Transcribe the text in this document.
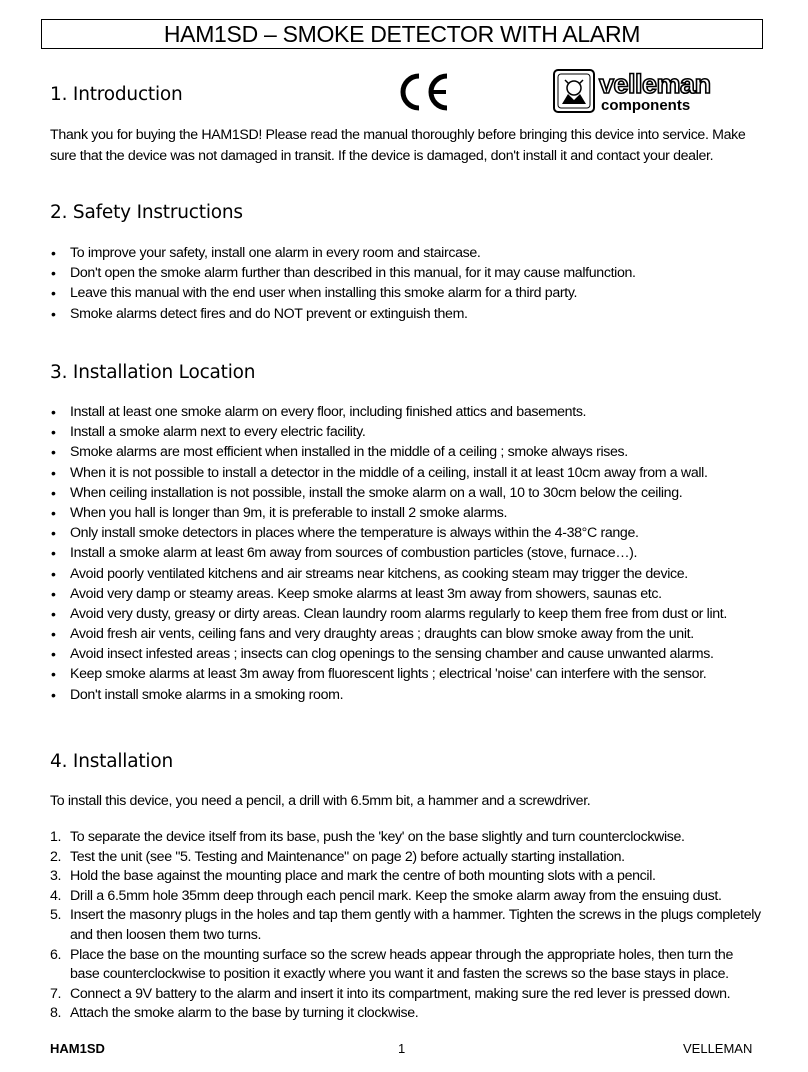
HAM1SD – SMOKE DETECTOR WITH ALARM
velleman
components
1. Introduction
Thank you for buying the HAM1SD! Please read the manual thoroughly before bringing this device into service. Make sure that the device was not damaged in transit. If the device is damaged, don't install it and contact your dealer.
2. Safety Instructions
• To improve your safety, install one alarm in every room and staircase.
• Don't open the smoke alarm further than described in this manual, for it may cause malfunction.
• Leave this manual with the end user when installing this smoke alarm for a third party.
• Smoke alarms detect fires and do NOT prevent or extinguish them.
3. Installation Location
• Install at least one smoke alarm on every floor, including finished attics and basements.
• Install a smoke alarm next to every electric facility.
• Smoke alarms are most efficient when installed in the middle of a ceiling ; smoke always rises.
• When it is not possible to install a detector in the middle of a ceiling, install it at least 10cm away from a wall.
• When ceiling installation is not possible, install the smoke alarm on a wall, 10 to 30cm below the ceiling.
• When you hall is longer than 9m, it is preferable to install 2 smoke alarms.
• Only install smoke detectors in places where the temperature is always within the 4-38°C range.
• Install a smoke alarm at least 6m away from sources of combustion particles (stove, furnace…).
• Avoid poorly ventilated kitchens and air streams near kitchens, as cooking steam may trigger the device.
• Avoid very damp or steamy areas. Keep smoke alarms at least 3m away from showers, saunas etc.
• Avoid very dusty, greasy or dirty areas. Clean laundry room alarms regularly to keep them free from dust or lint.
• Avoid fresh air vents, ceiling fans and very draughty areas ; draughts can blow smoke away from the unit.
• Avoid insect infested areas ; insects can clog openings to the sensing chamber and cause unwanted alarms.
• Keep smoke alarms at least 3m away from fluorescent lights ; electrical 'noise' can interfere with the sensor.
• Don't install smoke alarms in a smoking room.
4. Installation
To install this device, you need a pencil, a drill with 6.5mm bit, a hammer and a screwdriver.
1. To separate the device itself from its base, push the 'key' on the base slightly and turn counterclockwise.
2. Test the unit (see "5. Testing and Maintenance" on page 2) before actually starting installation.
3. Hold the base against the mounting place and mark the centre of both mounting slots with a pencil.
4. Drill a 6.5mm hole 35mm deep through each pencil mark. Keep the smoke alarm away from the ensuing dust.
5. Insert the masonry plugs in the holes and tap them gently with a hammer. Tighten the screws in the plugs completely and then loosen them two turns.
6. Place the base on the mounting surface so the screw heads appear through the appropriate holes, then turn the base counterclockwise to position it exactly where you want it and fasten the screws so the base stays in place.
7. Connect a 9V battery to the alarm and insert it into its compartment, making sure the red lever is pressed down.
8. Attach the smoke alarm to the base by turning it clockwise.
HAM1SD	1	VELLEMAN
